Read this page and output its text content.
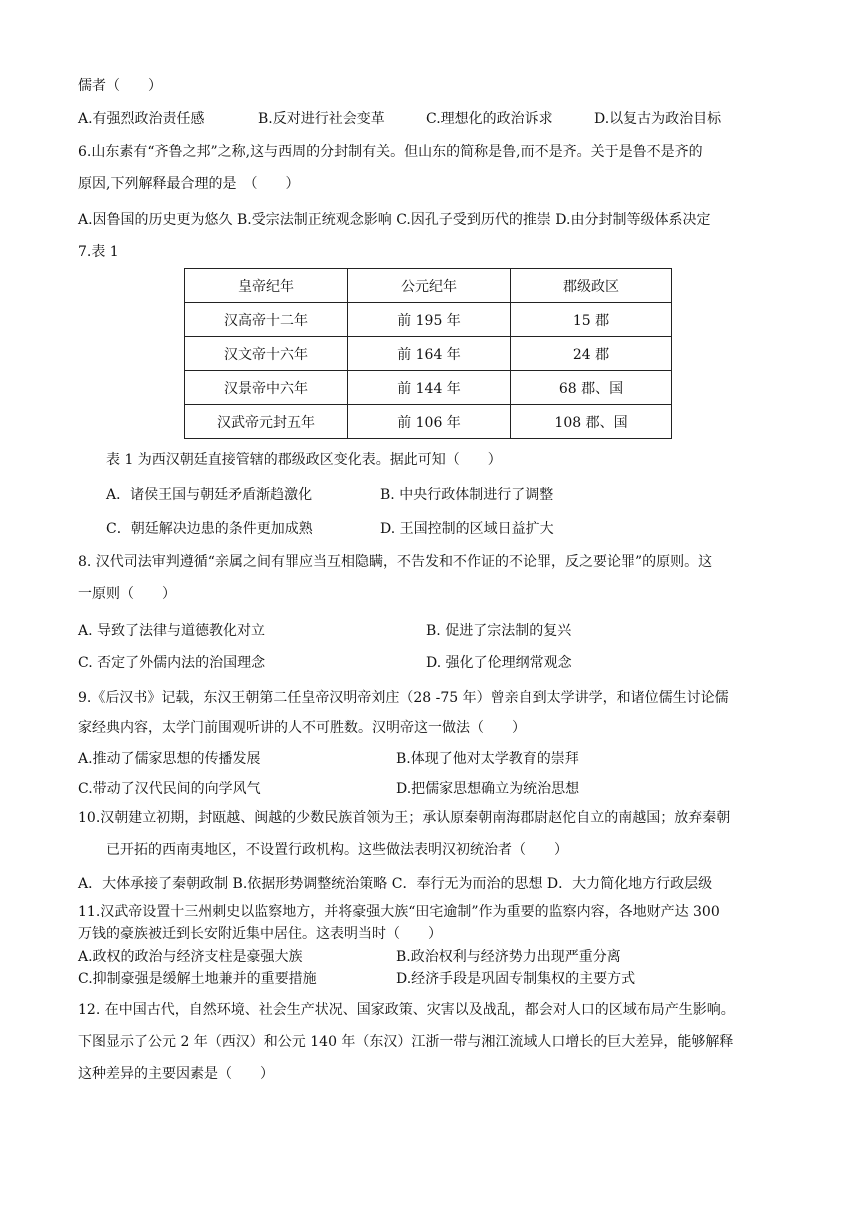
儒者（　　）
A.有强烈政治责任感	B.反对进行社会变革	C.理想化的政治诉求	D.以复古为政治目标
6.山东素有“齐鲁之邦”之称,这与西周的分封制有关。但山东的简称是鲁,而不是齐。关于是鲁不是齐的
原因,下列解释最合理的是　（　　）
A.因鲁国的历史更为悠久 B.受宗法制正统观念影响 C.因孔子受到历代的推崇 D.由分封制等级体系决定
7.表 1
皇帝纪年	公元纪年	郡级政区
汉高帝十二年	前 195 年	15 郡
汉文帝十六年	前 164 年	24 郡
汉景帝中六年	前 144 年	68 郡、国
汉武帝元封五年	前 106 年	108 郡、国
表 1 为西汉朝廷直接管辖的郡级政区变化表。据此可知（　　）
A．诸侯王国与朝廷矛盾渐趋激化	B. 中央行政体制进行了调整
C．朝廷解决边患的条件更加成熟	D. 王国控制的区域日益扩大
8. 汉代司法审判遵循“亲属之间有罪应当互相隐瞒，不告发和不作证的不论罪，反之要论罪”的原则。这
一原则（　　）
A. 导致了法律与道德教化对立	B. 促进了宗法制的复兴
C. 否定了外儒内法的治国理念	D. 强化了伦理纲常观念
9.《后汉书》记载，东汉王朝第二任皇帝汉明帝刘庄（28 -75 年）曾亲自到太学讲学，和诸位儒生讨论儒
家经典内容，太学门前围观听讲的人不可胜数。汉明帝这一做法（　　）
A.推动了儒家思想的传播发展	B.体现了他对太学教育的崇拜
C.带动了汉代民间的向学风气	D.把儒家思想确立为统治思想
10.汉朝建立初期，封瓯越、闽越的少数民族首领为王；承认原秦朝南海郡尉赵佗自立的南越国；放弃秦朝
已开拓的西南夷地区，不设置行政机构。这些做法表明汉初统治者（　　）
A．大体承接了秦朝政制 B.依据形势调整统治策略 C．奉行无为而治的思想 D．大力简化地方行政层级
11.汉武帝设置十三州刺史以监察地方，并将豪强大族“田宅逾制”作为重要的监察内容，各地财产达 300
万钱的豪族被迁到长安附近集中居住。这表明当时（　　）
A.政权的政治与经济支柱是豪强大族	B.政治权利与经济势力出现严重分离
C.抑制豪强是缓解土地兼并的重要措施	D.经济手段是巩固专制集权的主要方式
12. 在中国古代，自然环境、社会生产状况、国家政策、灾害以及战乱，都会对人口的区域布局产生影响。
下图显示了公元 2 年（西汉）和公元 140 年（东汉）江浙一带与湘江流域人口增长的巨大差异，能够解释
这种差异的主要因素是（　　）
